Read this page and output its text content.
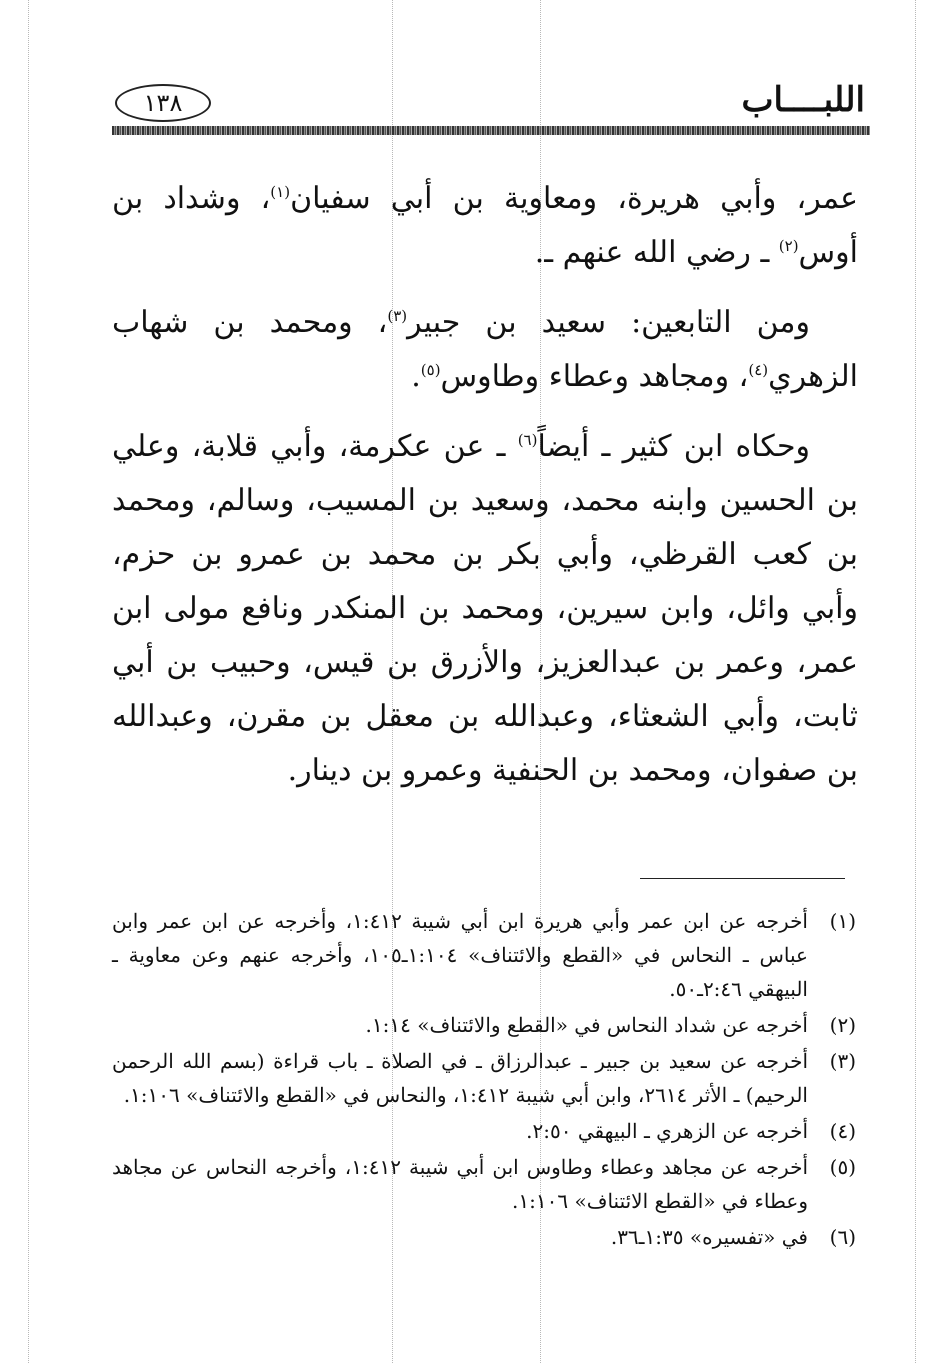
اللبــــاب
١٣٨

عمر، وأبي هريرة، ومعاوية بن أبي سفيان$^{(١)}$، وشداد بن أوس$^{(٢)}$ ـ رضي الله عنهم ـ.

ومن التابعين: سعيد بن جبير$^{(٣)}$، ومحمد بن شهاب الزهري$^{(٤)}$، ومجاهد وعطاء وطاوس$^{(٥)}$.

وحكاه ابن كثير ـ أيضاً$^{(٦)}$ ـ عن عكرمة، وأبي قلابة، وعلي بن الحسين وابنه محمد، وسعيد بن المسيب، وسالم، ومحمد بن كعب القرظي، وأبي بكر بن محمد بن عمرو بن حزم، وأبي وائل، وابن سيرين، ومحمد بن المنكدر ونافع مولى ابن عمر، وعمر بن عبدالعزيز، والأزرق بن قيس، وحبيب بن أبي ثابت، وأبي الشعثاء، وعبدالله بن معقل بن مقرن، وعبدالله بن صفوان، ومحمد بن الحنفية وعمرو بن دينار.

(١)
أخرجه عن ابن عمر وأبي هريرة ابن أبي شيبة ١:٤١٢، وأخرجه عن ابن عمر وابن عباس ـ النحاس في «القطع والائتناف» ١:١٠٤ـ١٠٥، وأخرجه عنهم وعن معاوية ـ البيهقي ٢:٤٦ـ٥٠.
(٢)
أخرجه عن شداد النحاس في «القطع والائتناف» ١:١٤.
(٣)
أخرجه عن سعيد بن جبير ـ عبدالرزاق ـ في الصلاة ـ باب قراءة (بسم الله الرحمن الرحيم) ـ الأثر ٢٦١٤، وابن أبي شيبة ١:٤١٢، والنحاس في «القطع والائتناف» ١:١٠٦.
(٤)
أخرجه عن الزهري ـ البيهقي ٢:٥٠.
(٥)
أخرجه عن مجاهد وعطاء وطاوس ابن أبي شيبة ١:٤١٢، وأخرجه النحاس عن مجاهد وعطاء في «القطع الائتناف» ١:١٠٦.
(٦)
في «تفسيره» ١:٣٥ـ٣٦.
